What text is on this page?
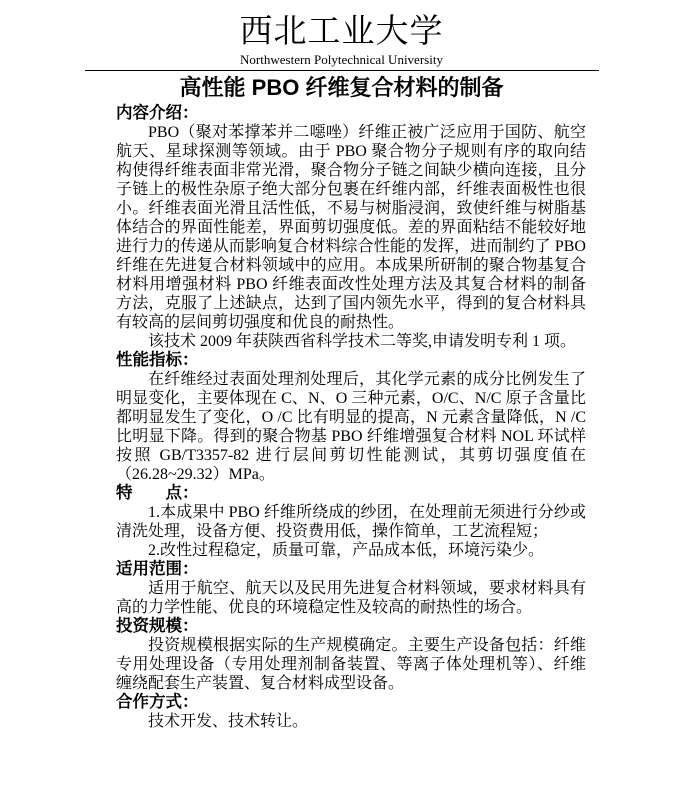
西北工业大学
Northwestern Polytechnical University
高性能 PBO 纤维复合材料的制备
内容介绍：

PBO（聚对苯撑苯并二噁唑）纤维正被广泛应用于国防、航空航天、星球探测等领域。由于 PBO 聚合物分子规则有序的取向结构使得纤维表面非常光滑，聚合物分子链之间缺少横向连接，且分子链上的极性杂原子绝大部分包裹在纤维内部，纤维表面极性也很小。纤维表面光滑且活性低，不易与树脂浸润，致使纤维与树脂基体结合的界面性能差，界面剪切强度低。差的界面粘结不能较好地进行力的传递从而影响复合材料综合性能的发挥，进而制约了 PBO 纤维在先进复合材料领域中的应用。本成果所研制的聚合物基复合材料用增强材料 PBO 纤维表面改性处理方法及其复合材料的制备方法，克服了上述缺点，达到了国内领先水平，得到的复合材料具有较高的层间剪切强度和优良的耐热性。

该技术 2009 年获陕西省科学技术二等奖,申请发明专利 1 项。

性能指标：

在纤维经过表面处理剂处理后，其化学元素的成分比例发生了明显变化，主要体现在 C、N、O 三种元素，O/C、N/C 原子含量比都明显发生了变化，O /C 比有明显的提高，N 元素含量降低，N /C 比明显下降。得到的聚合物基 PBO 纤维增强复合材料 NOL 环试样按照 GB/T3357-82 进行层间剪切性能测试，其剪切强度值在 （26.28~29.32）MPa。

特　　点：

1.本成果中 PBO 纤维所绕成的纱团，在处理前无须进行分纱或清洗处理，设备方便、投资费用低，操作简单，工艺流程短；

2.改性过程稳定，质量可靠，产品成本低，环境污染少。

适用范围：

适用于航空、航天以及民用先进复合材料领域，要求材料具有高的力学性能、优良的环境稳定性及较高的耐热性的场合。

投资规模：

投资规模根据实际的生产规模确定。主要生产设备包括：纤维专用处理设备（专用处理剂制备装置、等离子体处理机等）、纤维缠绕配套生产装置、复合材料成型设备。

合作方式：

技术开发、技术转让。
